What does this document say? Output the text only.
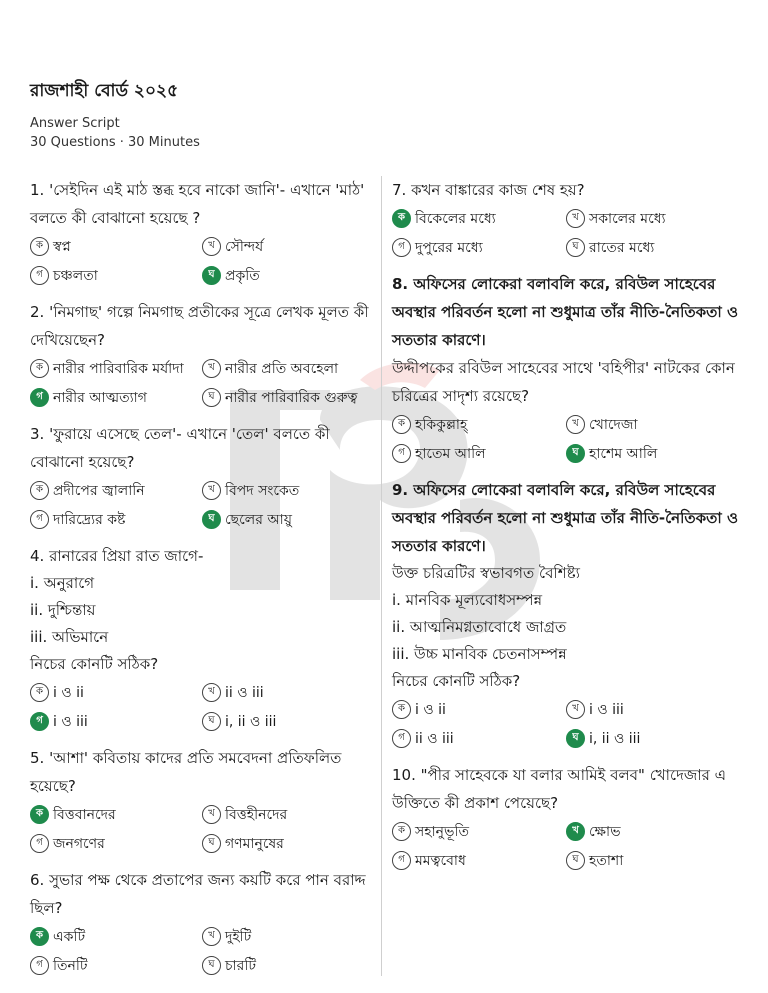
রাজশাহী বোর্ড ২০২৫
Answer Script
30 Questions · 30 Minutes
1. 'সেইদিন এই মাঠ স্তব্ধ হবে নাকো জানি'- এখানে 'মাঠ' বলতে কী বোঝানো হয়েছে ?
ক স্বপ্ন	খ সৌন্দর্য
গ চঞ্চলতা	ঘ প্রকৃতি
2. 'নিমগাছ' গল্পে নিমগাছ প্রতীকের সূত্রে লেখক মূলত কী দেখিয়েছেন?
ক নারীর পারিবারিক মর্যাদা	খ নারীর প্রতি অবহেলা
গ নারীর আত্মত্যাগ	ঘ নারীর পারিবারিক গুরুত্ব
3. 'ফুরায়ে এসেছে তেল'- এখানে 'তেল' বলতে কী বোঝানো হয়েছে?
ক প্রদীপের জ্বালানি	খ বিপদ সংকেত
গ দারিদ্র্যের কষ্ট	ঘ ছেলের আয়ু
4. রানারের প্রিয়া রাত জাগে-
i. অনুরাগে
ii. দুশ্চিন্তায়
iii. অভিমানে
নিচের কোনটি সঠিক?
ক i ও ii	খ ii ও iii
গ i ও iii	ঘ i, ii ও iii
5. 'আশা' কবিতায় কাদের প্রতি সমবেদনা প্রতিফলিত হয়েছে?
ক বিত্তবানদের	খ বিত্তহীনদের
গ জনগণের	ঘ গণমানুষের
6. সুভার পক্ষ থেকে প্রতাপের জন্য কয়টি করে পান বরাদ্দ ছিল?
ক একটি	খ দুইটি
গ তিনটি	ঘ চারটি
7. কখন বাঙ্কারের কাজ শেষ হয়?
ক বিকেলের মধ্যে	খ সকালের মধ্যে
গ দুপুরের মধ্যে	ঘ রাতের মধ্যে
8. অফিসের লোকেরা বলাবলি করে, রবিউল সাহেবের অবস্থার পরিবর্তন হলো না শুধুমাত্র তাঁর নীতি-নৈতিকতা ও সততার কারণে।
উদ্দীপকের রবিউল সাহেবের সাথে 'বহিপীর' নাটকের কোন চরিত্রের সাদৃশ্য রয়েছে?
ক হকিকুল্লাহ্	খ খোদেজা
গ হাতেম আলি	ঘ হাশেম আলি
9. অফিসের লোকেরা বলাবলি করে, রবিউল সাহেবের অবস্থার পরিবর্তন হলো না শুধুমাত্র তাঁর নীতি-নৈতিকতা ও সততার কারণে।
উক্ত চরিত্রটির স্বভাবগত বৈশিষ্ট্য
i. মানবিক মূল্যবোধসম্পন্ন
ii. আত্মনিমগ্নতাবোধে জাগ্রত
iii. উচ্চ মানবিক চেতনাসম্পন্ন
নিচের কোনটি সঠিক?
ক i ও ii	খ i ও iii
গ ii ও iii	ঘ i, ii ও iii
10. "পীর সাহেবকে যা বলার আমিই বলব" খোদেজার এ উক্তিতে কী প্রকাশ পেয়েছে?
ক সহানুভূতি	খ ক্ষোভ
গ মমত্ববোধ	ঘ হতাশা
